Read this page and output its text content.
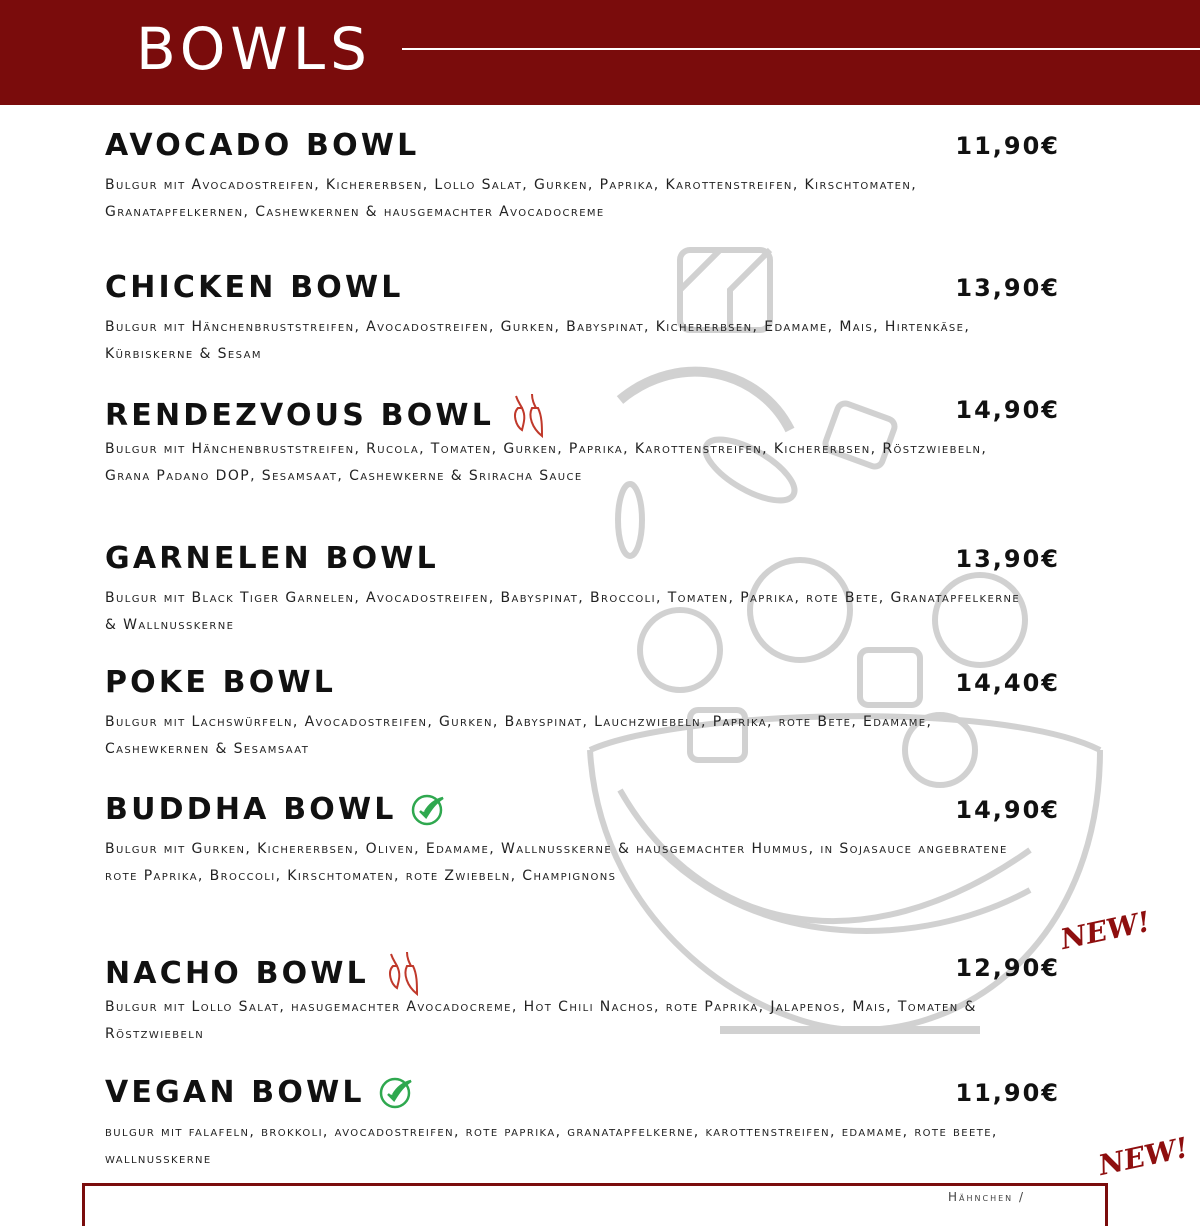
BOWLS
AVOCADO BOWL	11,90€
Bulgur mit Avocadostreifen, Kichererbsen, Lollo Salat, Gurken, Paprika, Karottenstreifen, Kirschtomaten, Granatapfelkernen, Cashewkernen & hausgemachter Avocadocreme
CHICKEN BOWL	13,90€
Bulgur mit Hänchenbruststreifen, Avocadostreifen, Gurken, Babyspinat, Kichererbsen, Edamame, Mais, Hirtenkäse, Kürbiskerne & Sesam
RENDEZVOUS BOWL	14,90€
Bulgur mit Hänchenbruststreifen, Rucola, Tomaten, Gurken, Paprika, Karottenstreifen, Kichererbsen, Röstzwiebeln, Grana Padano DOP, Sesamsaat, Cashewkerne & Sriracha Sauce
GARNELEN BOWL	13,90€
Bulgur mit Black Tiger Garnelen, Avocadostreifen, Babyspinat, Broccoli, Tomaten, Paprika, rote Bete, Granatapfelkerne & Wallnusskerne
POKE BOWL	14,40€
Bulgur mit Lachswürfeln, Avocadostreifen, Gurken, Babyspinat, Lauchzwiebeln, Paprika, rote Bete, Edamame, Cashewkernen & Sesamsaat
BUDDHA BOWL	14,90€
Bulgur mit Gurken, Kichererbsen, Oliven, Edamame, Wallnusskerne & hausgemachter Hummus, in Sojasauce angebratene rote Paprika, Broccoli, Kirschtomaten, rote Zwiebeln, Champignons
NACHO BOWL	12,90€
Bulgur mit Lollo Salat, hasugemachter Avocadocreme, Hot Chili Nachos, rote Paprika, Jalapenos, Mais, Tomaten & Röstzwiebeln
NEW!
VEGAN BOWL	11,90€
bulgur mit falafeln, brokkoli, avocadostreifen, rote paprika, granatapfelkerne, karottenstreifen, edamame, rote beete, wallnusskerne
Hähnchen /
NEW!
